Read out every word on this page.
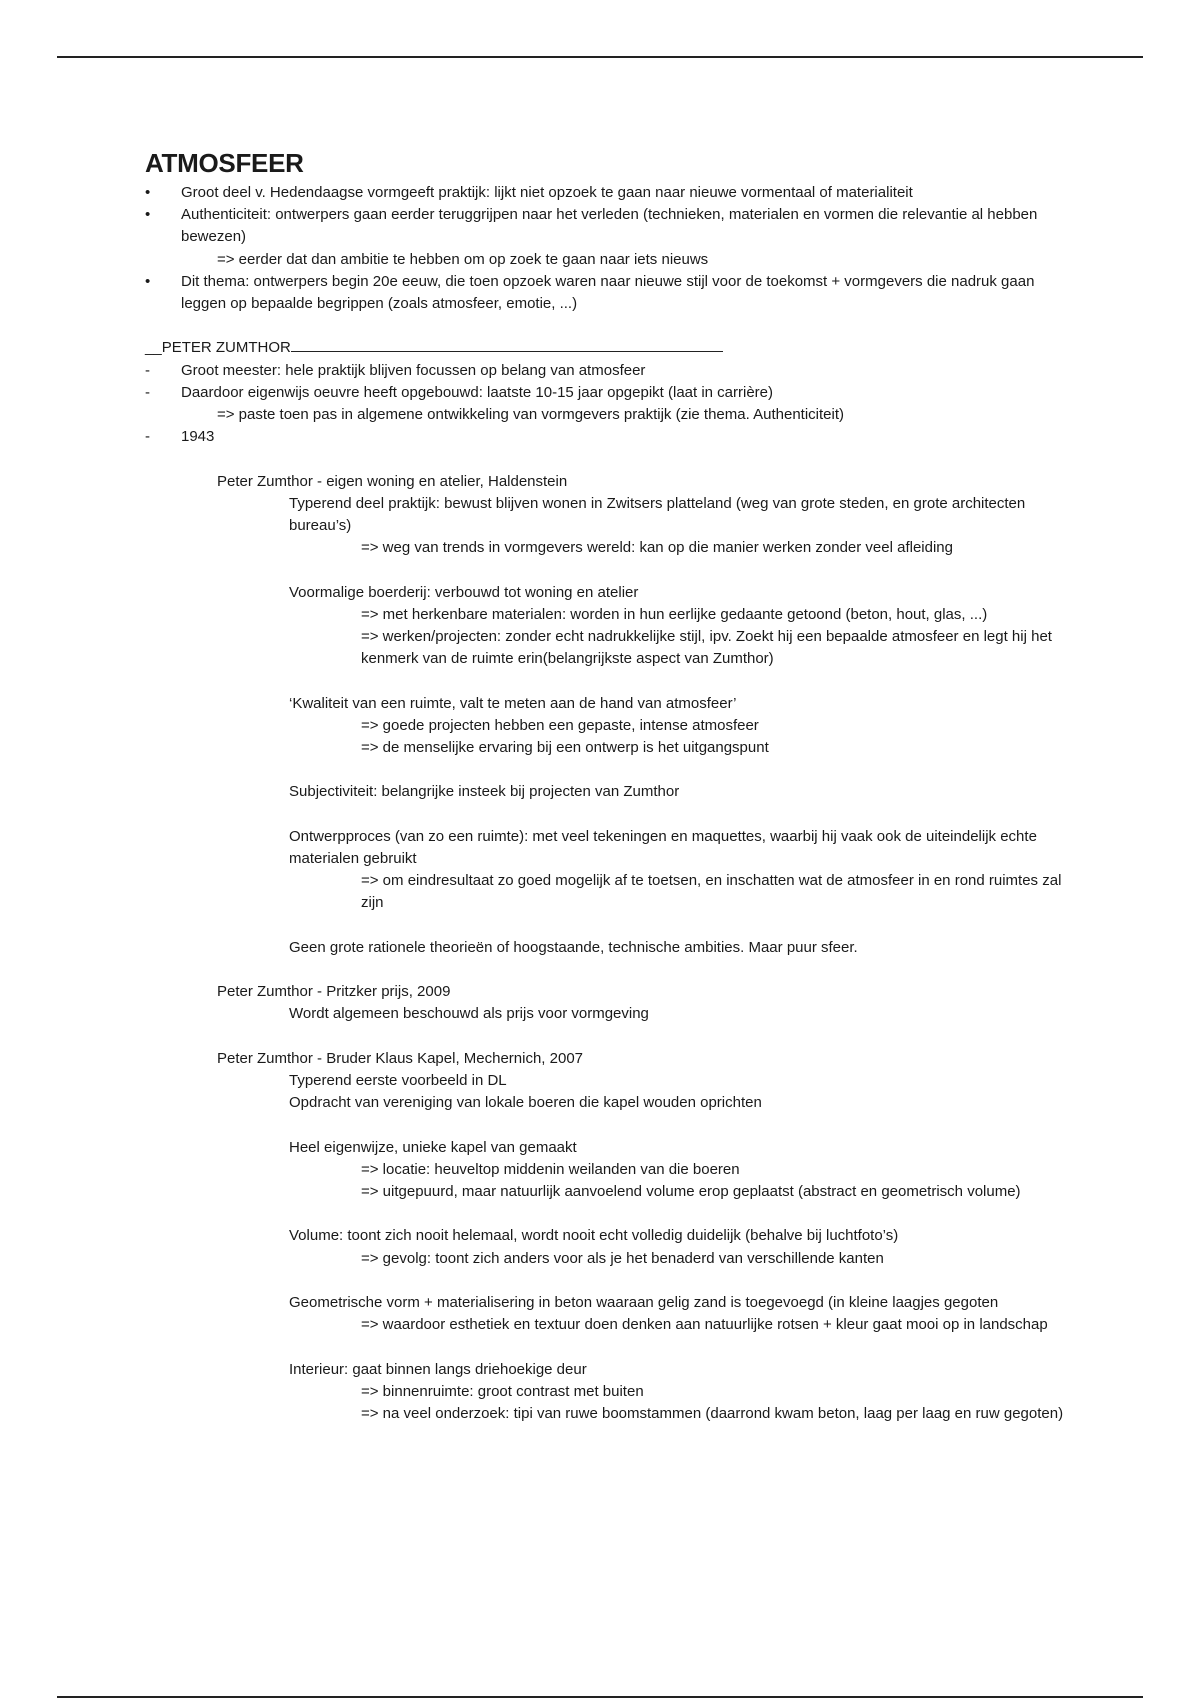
ATMOSFEER
•	Groot deel v. Hedendaagse vormgeeft praktijk: lijkt niet opzoek te gaan naar nieuwe vormentaal of materialiteit
•	Authenticiteit: ontwerpers gaan eerder teruggrijpen naar het verleden (technieken, materialen en vormen die relevantie al hebben bewezen)
=> eerder dat dan ambitie te hebben om op zoek te gaan naar iets nieuws
•	Dit thema: ontwerpers begin 20e eeuw, die toen opzoek waren naar nieuwe stijl voor de toekomst + vormgevers die nadruk gaan leggen op bepaalde begrippen (zoals atmosfeer, emotie, ...)
__PETER ZUMTHOR
-	Groot meester: hele praktijk blijven focussen op belang van atmosfeer
-	Daardoor eigenwijs oeuvre heeft opgebouwd: laatste 10-15 jaar opgepikt (laat in carrière)
=> paste toen pas in algemene ontwikkeling van vormgevers praktijk (zie thema. Authenticiteit)
-	1943
Peter Zumthor - eigen woning en atelier, Haldenstein
Typerend deel praktijk: bewust blijven wonen in Zwitsers platteland (weg van grote steden, en grote architecten bureau’s)
=> weg van trends in vormgevers wereld: kan op die manier werken zonder veel afleiding
Voormalige boerderij: verbouwd tot woning en atelier
=> met herkenbare materialen: worden in hun eerlijke gedaante getoond (beton, hout, glas, ...)
=> werken/projecten: zonder echt nadrukkelijke stijl, ipv. Zoekt hij een bepaalde atmosfeer en legt hij het kenmerk van de ruimte erin(belangrijkste aspect van Zumthor)
‘Kwaliteit van een ruimte, valt te meten aan de hand van atmosfeer’
=> goede projecten hebben een gepaste, intense atmosfeer
=> de menselijke ervaring bij een ontwerp is het uitgangspunt
Subjectiviteit: belangrijke insteek bij projecten van Zumthor
Ontwerpproces (van zo een ruimte): met veel tekeningen en maquettes, waarbij hij vaak ook de uiteindelijk echte materialen gebruikt
=> om eindresultaat zo goed mogelijk af te toetsen, en inschatten wat de atmosfeer in en rond ruimtes zal zijn
Geen grote rationele theorieën of hoogstaande, technische ambities. Maar puur sfeer.
Peter Zumthor - Pritzker prijs, 2009
Wordt algemeen beschouwd als prijs voor vormgeving
Peter Zumthor - Bruder Klaus Kapel, Mechernich, 2007
Typerend eerste voorbeeld in DL
Opdracht van vereniging van lokale boeren die kapel wouden oprichten
Heel eigenwijze, unieke kapel van gemaakt
=> locatie: heuveltop middenin weilanden van die boeren
=> uitgepuurd, maar natuurlijk aanvoelend volume erop geplaatst (abstract en geometrisch volume)
Volume: toont zich nooit helemaal, wordt nooit echt volledig duidelijk (behalve bij luchtfoto’s)
=> gevolg: toont zich anders voor als je het benaderd van verschillende kanten
Geometrische vorm + materialisering in beton waaraan gelig zand is toegevoegd (in kleine laagjes gegoten
=> waardoor esthetiek en textuur doen denken aan natuurlijke rotsen + kleur gaat mooi op in landschap
Interieur: gaat binnen langs driehoekige deur
=> binnenruimte: groot contrast met buiten
=> na veel onderzoek: tipi van ruwe boomstammen (daarrond kwam beton, laag per laag en ruw gegoten)
